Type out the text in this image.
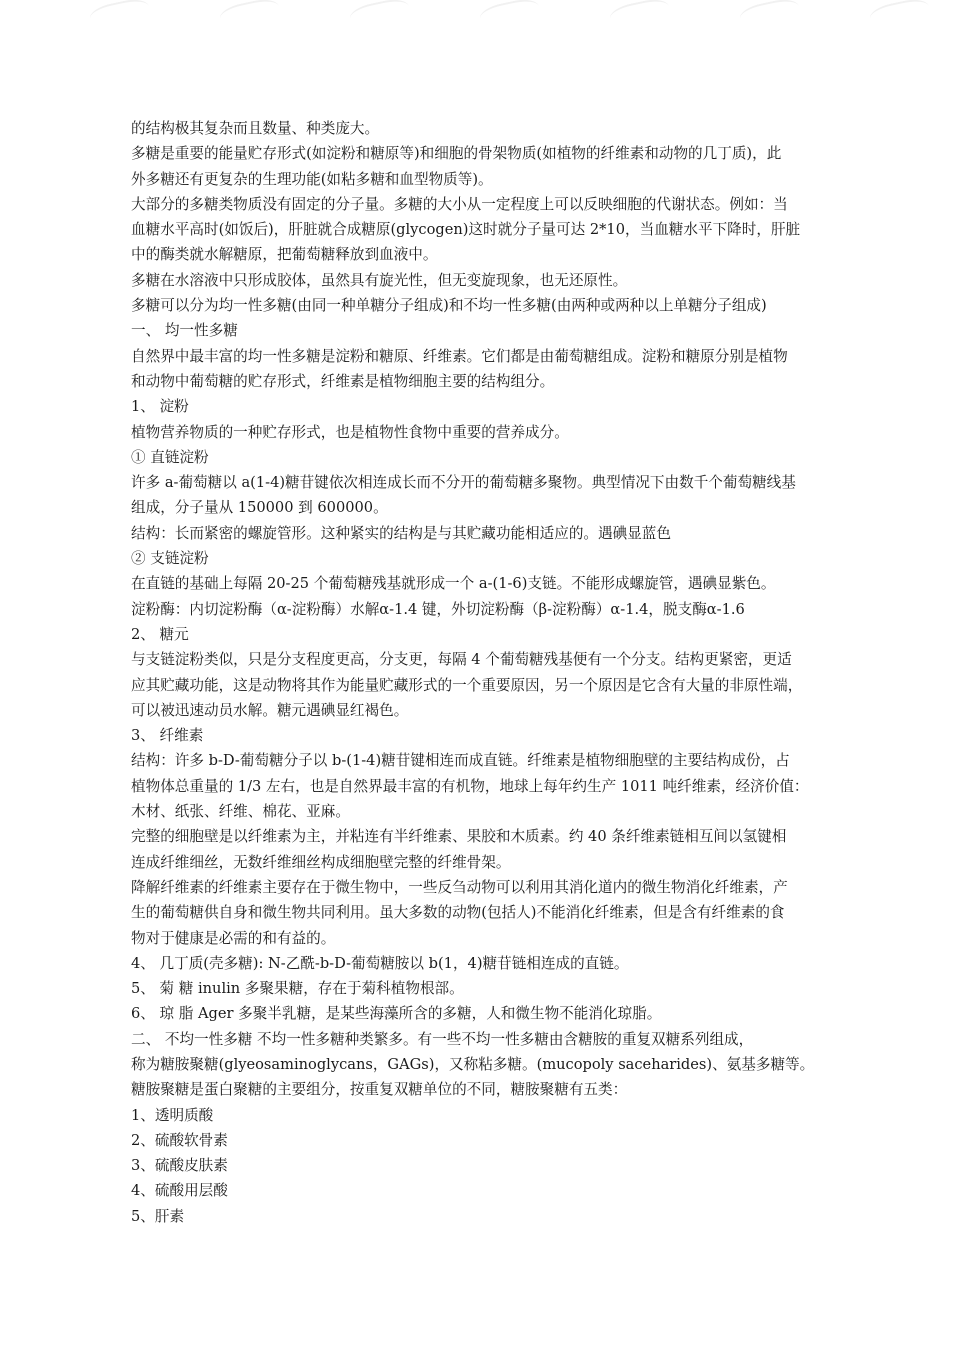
的结构极其复杂而且数量、种类庞大。
多糖是重要的能量贮存形式(如淀粉和糖原等)和细胞的骨架物质(如植物的纤维素和动物的几丁质)，此
外多糖还有更复杂的生理功能(如粘多糖和血型物质等)。
大部分的多糖类物质没有固定的分子量。多糖的大小从一定程度上可以反映细胞的代谢状态。例如：当
血糖水平高时(如饭后)，肝脏就合成糖原(glycogen)这时就分子量可达 2*10，当血糖水平下降时，肝脏
中的酶类就水解糖原，把葡萄糖释放到血液中。
多糖在水溶液中只形成胶体，虽然具有旋光性，但无变旋现象，也无还原性。
多糖可以分为均一性多糖(由同一种单糖分子组成)和不均一性多糖(由两种或两种以上单糖分子组成)
一、 均一性多糖
自然界中最丰富的均一性多糖是淀粉和糖原、纤维素。它们都是由葡萄糖组成。淀粉和糖原分别是植物
和动物中葡萄糖的贮存形式，纤维素是植物细胞主要的结构组分。
1、 淀粉
植物营养物质的一种贮存形式，也是植物性食物中重要的营养成分。
① 直链淀粉
许多 a-葡萄糖以 a(1-4)糖苷键依次相连成长而不分开的葡萄糖多聚物。典型情况下由数千个葡萄糖线基
组成，分子量从 150000 到 600000。
结构：长而紧密的螺旋管形。这种紧实的结构是与其贮藏功能相适应的。遇碘显蓝色
② 支链淀粉
在直链的基础上每隔 20-25 个葡萄糖残基就形成一个 a-(1-6)支链。不能形成螺旋管，遇碘显紫色。
淀粉酶：内切淀粉酶（α-淀粉酶）水解α-1.4 键，外切淀粉酶（β-淀粉酶）α-1.4，脱支酶α-1.6
2、 糖元
与支链淀粉类似，只是分支程度更高，分支更，每隔 4 个葡萄糖残基便有一个分支。结构更紧密，更适
应其贮藏功能，这是动物将其作为能量贮藏形式的一个重要原因，另一个原因是它含有大量的非原性端，
可以被迅速动员水解。糖元遇碘显红褐色。
3、 纤维素
结构：许多 b-D-葡萄糖分子以 b-(1-4)糖苷键相连而成直链。纤维素是植物细胞壁的主要结构成份，占
植物体总重量的 1/3 左右，也是自然界最丰富的有机物，地球上每年约生产 1011 吨纤维素，经济价值：
木材、纸张、纤维、棉花、亚麻。
完整的细胞壁是以纤维素为主，并粘连有半纤维素、果胶和木质素。约 40 条纤维素链相互间以氢键相
连成纤维细丝，无数纤维细丝构成细胞壁完整的纤维骨架。
降解纤维素的纤维素主要存在于微生物中，一些反刍动物可以利用其消化道内的微生物消化纤维素，产
生的葡萄糖供自身和微生物共同利用。虽大多数的动物(包括人)不能消化纤维素，但是含有纤维素的食
物对于健康是必需的和有益的。
4、 几丁质(壳多糖): N-乙酰-b-D-葡萄糖胺以 b(1，4)糖苷链相连成的直链。
5、 菊 糖 inulin 多聚果糖，存在于菊科植物根部。
6、 琼 脂 Ager 多聚半乳糖，是某些海藻所含的多糖，人和微生物不能消化琼脂。
二、 不均一性多糖 不均一性多糖种类繁多。有一些不均一性多糖由含糖胺的重复双糖系列组成，
称为糖胺聚糖(glyeosaminoglycans，GAGs)，又称粘多糖。(mucopoly saceharides)、氨基多糖等。
糖胺聚糖是蛋白聚糖的主要组分，按重复双糖单位的不同，糖胺聚糖有五类：
1、透明质酸
2、硫酸软骨素
3、硫酸皮肤素
4、硫酸用层酸
5、肝素
